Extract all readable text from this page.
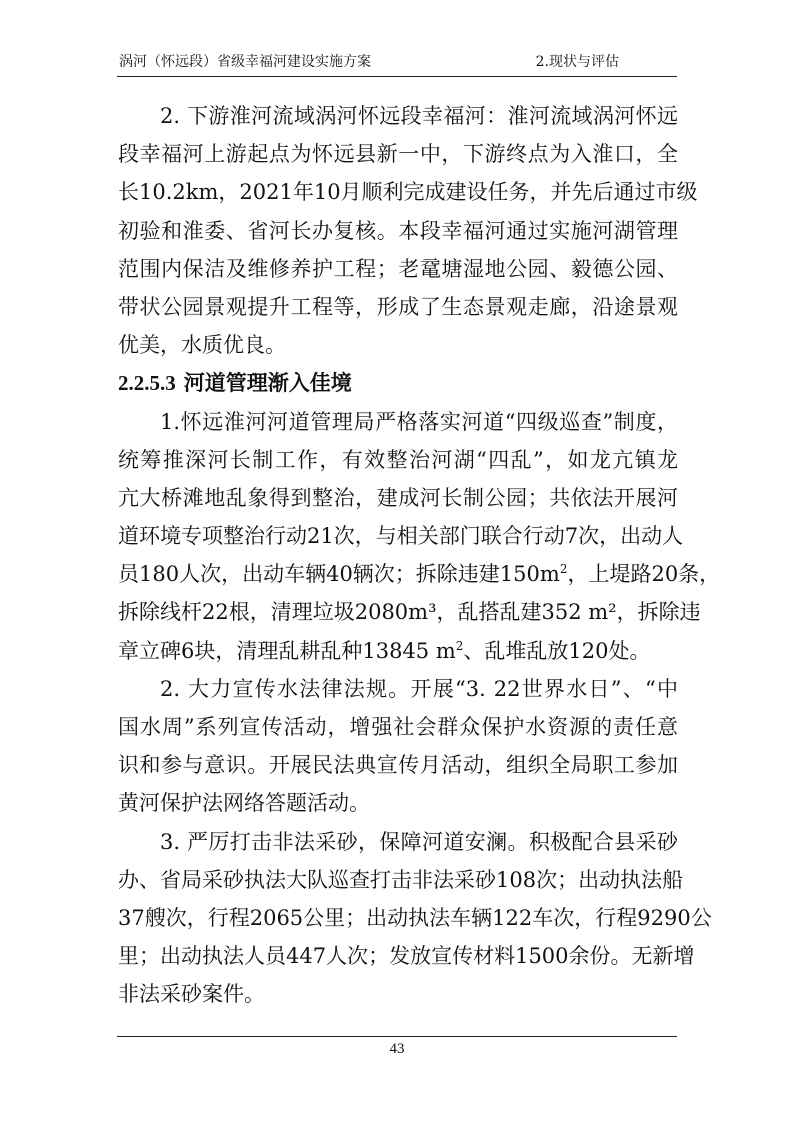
涡河（怀远段）省级幸福河建设实施方案	2.现状与评估
2. 下游淮河流域涡河怀远段幸福河：淮河流域涡河怀远
段幸福河上游起点为怀远县新一中，下游终点为入淮口，全
长10.2km，2021年10月顺利完成建设任务，并先后通过市级
初验和淮委、省河长办复核。本段幸福河通过实施河湖管理
范围内保洁及维修养护工程；老鼋塘湿地公园、毅德公园、
带状公园景观提升工程等，形成了生态景观走廊，沿途景观
优美，水质优良。
2.2.5.3 河道管理渐入佳境
1.怀远淮河河道管理局严格落实河道“四级巡查”制度，
统筹推深河长制工作，有效整治河湖“四乱”，如龙亢镇龙
亢大桥滩地乱象得到整治，建成河长制公园；共依法开展河
道环境专项整治行动21次，与相关部门联合行动7次，出动人
员180人次，出动车辆40辆次；拆除违建$150m^2$，上堤路20条，
拆除线杆22根，清理垃圾2080m³，乱搭乱建352 m²，拆除违
章立碑6块，清理乱耕乱种13845 $m^2$、乱堆乱放120处。
2. 大力宣传水法律法规。开展“3. 22世界水日”、“中
国水周”系列宣传活动，增强社会群众保护水资源的责任意
识和参与意识。开展民法典宣传月活动，组织全局职工参加
黄河保护法网络答题活动。
3. 严厉打击非法采砂，保障河道安澜。积极配合县采砂
办、省局采砂执法大队巡查打击非法采砂108次；出动执法船
37艘次，行程2065公里；出动执法车辆122车次，行程9290公
里；出动执法人员447人次；发放宣传材料1500余份。无新增
非法采砂案件。
43
